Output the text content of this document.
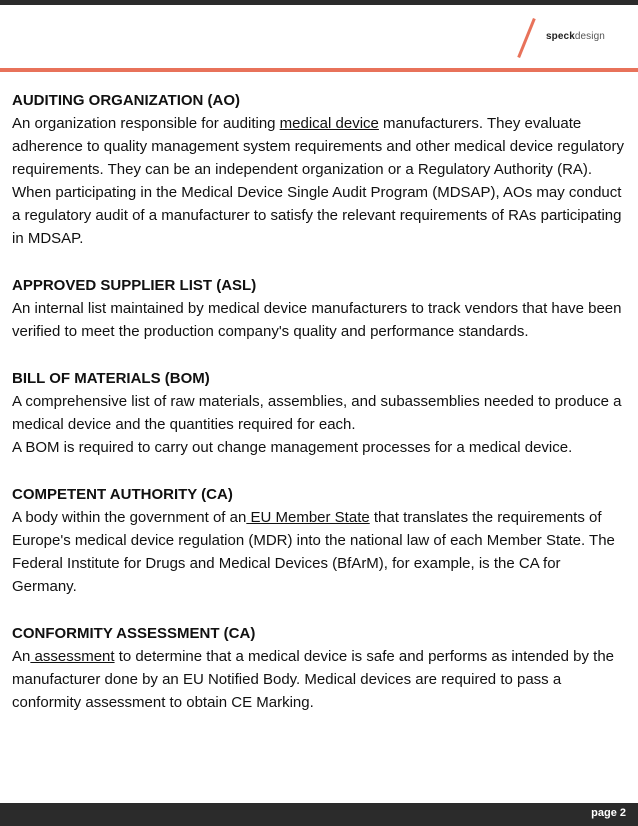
speckdesign
AUDITING ORGANIZATION (AO)
An organization responsible for auditing medical device manufacturers. They evaluate adherence to quality management system requirements and other medical device regulatory requirements. They can be an independent organization or a Regulatory Authority (RA). When participating in the Medical Device Single Audit Program (MDSAP), AOs may conduct a regulatory audit of a manufacturer to satisfy the relevant requirements of RAs participating in MDSAP.
APPROVED SUPPLIER LIST (ASL)
An internal list maintained by medical device manufacturers to track vendors that have been verified to meet the production company's quality and performance standards.
BILL OF MATERIALS (BOM)
A comprehensive list of raw materials, assemblies, and subassemblies needed to produce a medical device and the quantities required for each.
A BOM is required to carry out change management processes for a medical device.
COMPETENT AUTHORITY (CA)
A body within the government of an EU Member State that translates the requirements of Europe's medical device regulation (MDR) into the national law of each Member State. The Federal Institute for Drugs and Medical Devices (BfArM), for example, is the CA for Germany.
CONFORMITY ASSESSMENT (CA)
An assessment to determine that a medical device is safe and performs as intended by the manufacturer done by an EU Notified Body. Medical devices are required to pass a conformity assessment to obtain CE Marking.
page 2
